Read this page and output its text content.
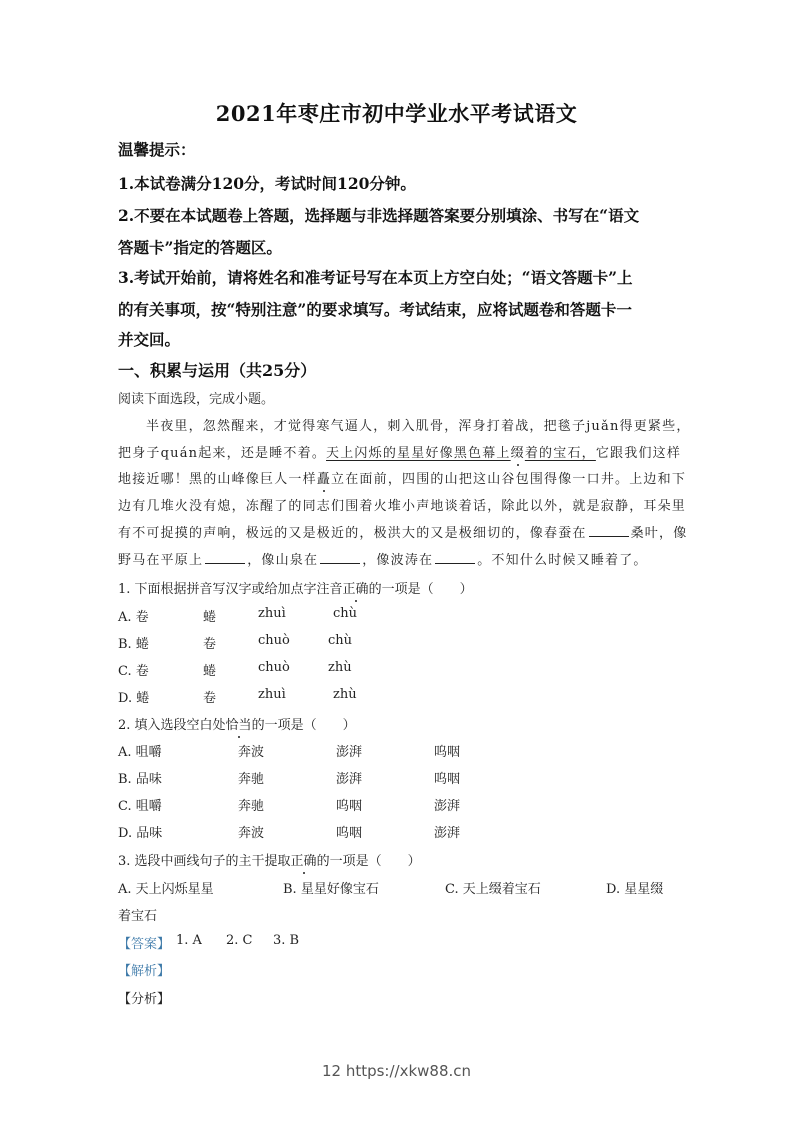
2021年枣庄市初中学业水平考试语文
温馨提示：
1.本试卷满分120分，考试时间120分钟。
2.不要在本试题卷上答题，选择题与非选择题答案要分别填涂、书写在“语文
答题卡”指定的答题区。
3.考试开始前，请将姓名和准考证号写在本页上方空白处；“语文答题卡”上
的有关事项，按“特别注意”的要求填写。考试结束，应将试题卷和答题卡一
并交回。
一、积累与运用（共25分）
阅读下面选段，完成小题。
半夜里，忽然醒来，才觉得寒气逼人，刺入肌骨，浑身打着战，把毯子juǎn得更紧些，
把身子quán起来，还是睡不着。天上闪烁的星星好像黑色幕上缀着的宝石，它跟我们这样
地接近哪！黑的山峰像巨人一样矗立在面前，四围的山把这山谷包围得像一口井。上边和下
边有几堆火没有熄，冻醒了的同志们围着火堆小声地谈着话，除此以外，就是寂静，耳朵里
有不可捉摸的声响，极远的又是极近的，极洪大的又是极细切的，像春蚕在	桑叶，像
野马在平原上	，像山泉在	，像波涛在	。不知什么时候又睡着了。
1. 下面根据拼音写汉字或给加点字注音正确的一项是（　　）
A. 卷	蜷	zhuì	chù
B. 蜷	卷	chuò	chù
C. 卷	蜷	chuò	zhù
D. 蜷	卷	zhuì	zhù
2. 填入选段空白处恰当的一项是（　　）
A. 咀嚼	奔波	澎湃	呜咽
B. 品味	奔驰	澎湃	呜咽
C. 咀嚼	奔驰	呜咽	澎湃
D. 品味	奔波	呜咽	澎湃
3. 选段中画线句子的主干提取正确的一项是（　　）
A. 天上闪烁星星	B. 星星好像宝石	C. 天上缀着宝石	D. 星星缀
着宝石
【答案】 1. A 2. C 3. B
【解析】
【分析】
12 https://xkw88.cn
